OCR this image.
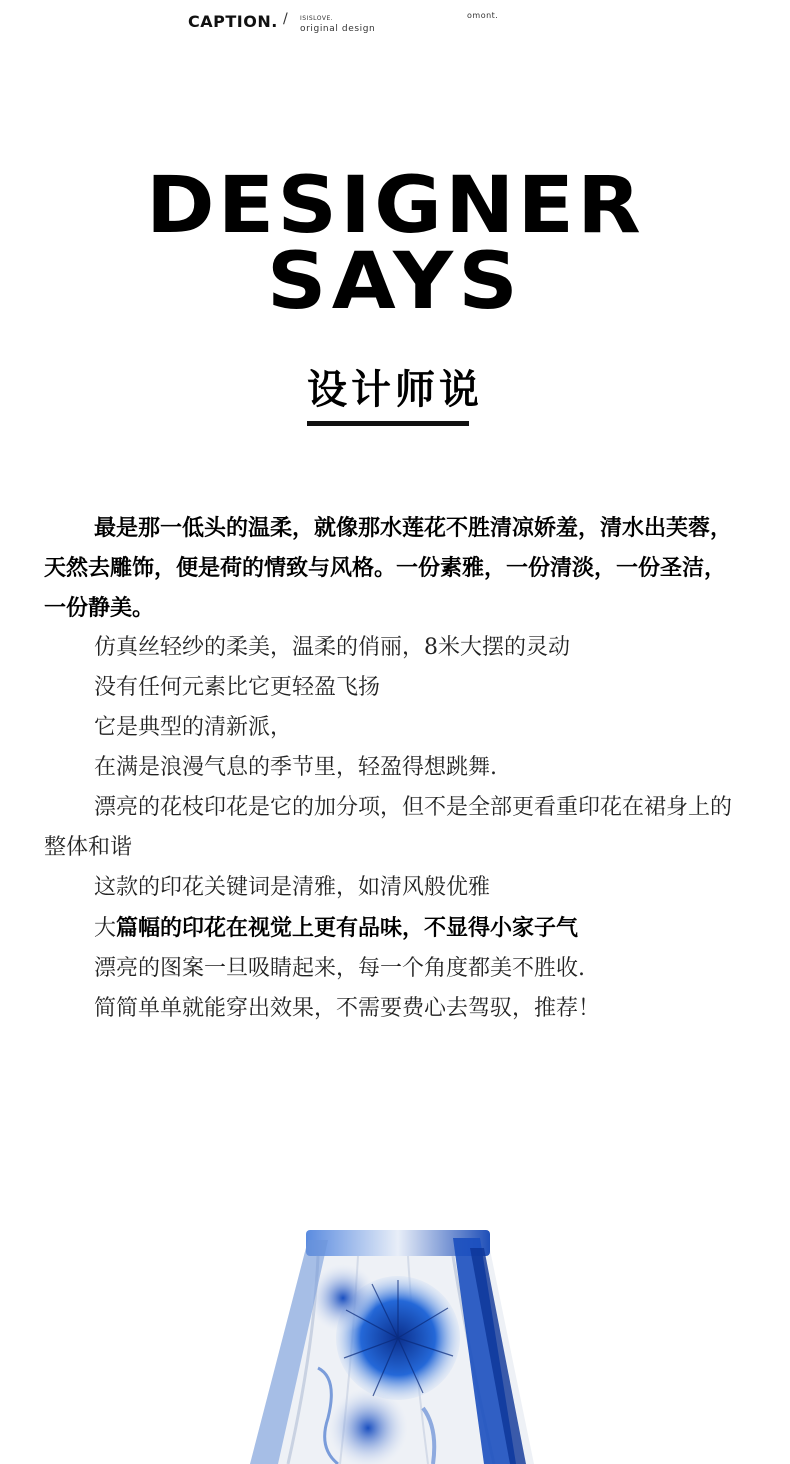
CAPTION. / ISISLOVE.
original design
omont.
DESIGNER
SAYS
设计师说

最是那一低头的温柔，就像那水莲花不胜清凉娇羞，清水出芙蓉，天然去雕饰，便是荷的情致与风格。一份素雅，一份清淡，一份圣洁，一份静美。

仿真丝轻纱的柔美，温柔的俏丽，8米大摆的灵动

没有任何元素比它更轻盈飞扬

它是典型的清新派，

在满是浪漫气息的季节里，轻盈得想跳舞.

漂亮的花枝印花是它的加分项，但不是全部更看重印花在裙身上的整体和谐

这款的印花关键词是清雅，如清风般优雅

大篇幅的印花在视觉上更有品味，不显得小家子气

漂亮的图案一旦吸睛起来，每一个角度都美不胜收.

简简单单就能穿出效果，不需要费心去驾驭，推荐！
